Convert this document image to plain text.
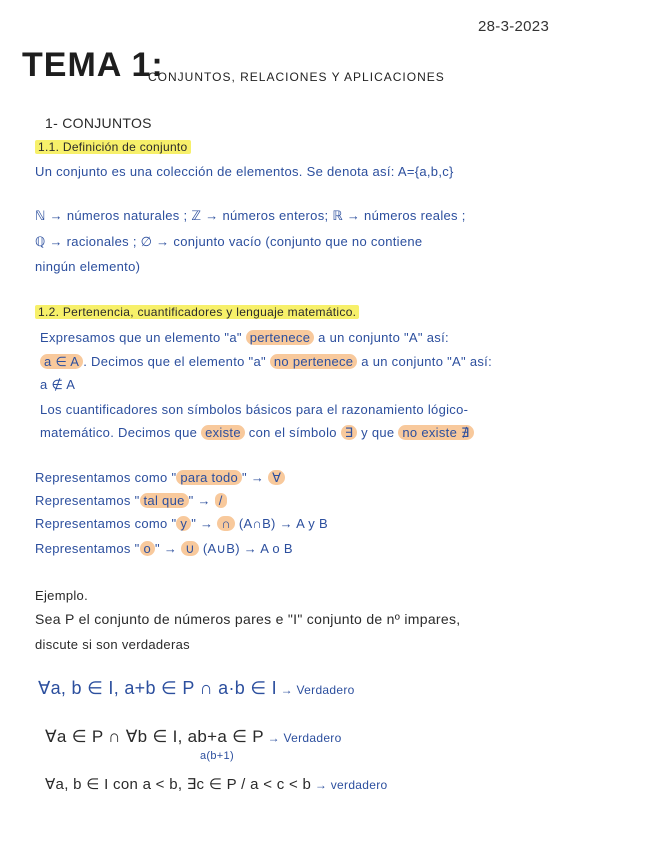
28-3-2023
TEMA 1:
CONJUNTOS, RELACIONES Y APLICACIONES
1- CONJUNTOS
1.1. Definición de conjunto
Un conjunto es una colección de elementos. Se denota así: A={a,b,c}
ℕ → números naturales ; ℤ → números enteros; ℝ → números reales ;
ℚ → racionales ; ∅ → conjunto vacío (conjunto que no contiene
ningún elemento)
1.2. Pertenencia, cuantificadores y lenguaje matemático.
Expresamos que un elemento "a" pertenece a un conjunto "A" así:
a ∈ A . Decimos que el elemento "a" no pertenece a un conjunto "A" así:
a ∉ A
Los cuantificadores son símbolos básicos para el razonamiento lógico-
matemático. Decimos que existe con el símbolo ∃ y que no existe ∄
Representamos como " para todo " → ∀
Representamos " tal que " → /
Representamos como " y " → ∩ (A∩B) → A y B
Representamos " o " → ∪ (A∪B) → A o B
Ejemplo.
Sea P el conjunto de números pares e "I" conjunto de nº impares,
discute si son verdaderas
∀a, b ∈ I, a+b ∈ P ∩ a·b ∈ I → Verdadero
∀a ∈ P ∩ ∀b ∈ I, ab+a ∈ P → Verdadero
a(b+1)
∀a, b ∈ I con a < b, ∃c ∈ P / a < c < b → verdadero
